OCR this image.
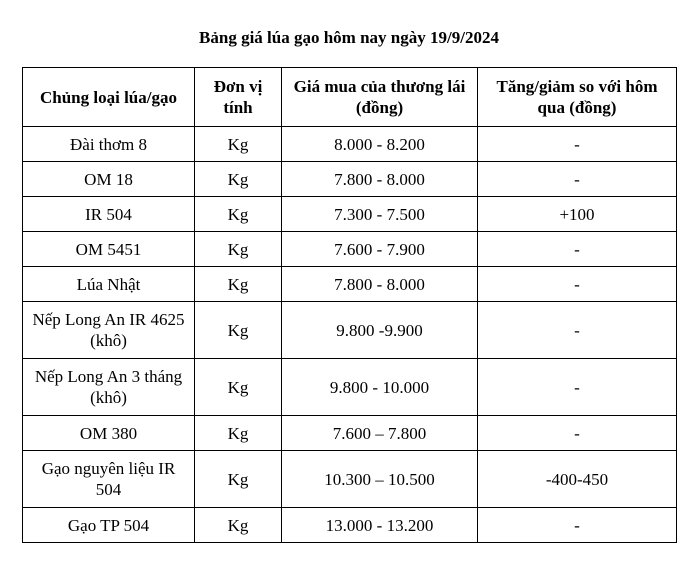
Bảng giá lúa gạo hôm nay ngày 19/9/2024
Chủng loại lúa/gạo	Đơn vị tính	Giá mua của thương lái (đồng)	Tăng/giảm so với hôm qua (đồng)
Đài thơm 8	Kg	8.000 - 8.200	-
OM 18	Kg	7.800 - 8.000	-
IR 504	Kg	7.300 - 7.500	+100
OM 5451	Kg	7.600 - 7.900	-
Lúa Nhật	Kg	7.800 - 8.000	-
Nếp Long An IR 4625 (khô)	Kg	9.800 -9.900	-
Nếp Long An 3 tháng (khô)	Kg	9.800 - 10.000	-
OM 380	Kg	7.600 – 7.800	-
Gạo nguyên liệu IR 504	Kg	10.300 – 10.500	-400-450
Gạo TP 504	Kg	13.000 - 13.200	-
